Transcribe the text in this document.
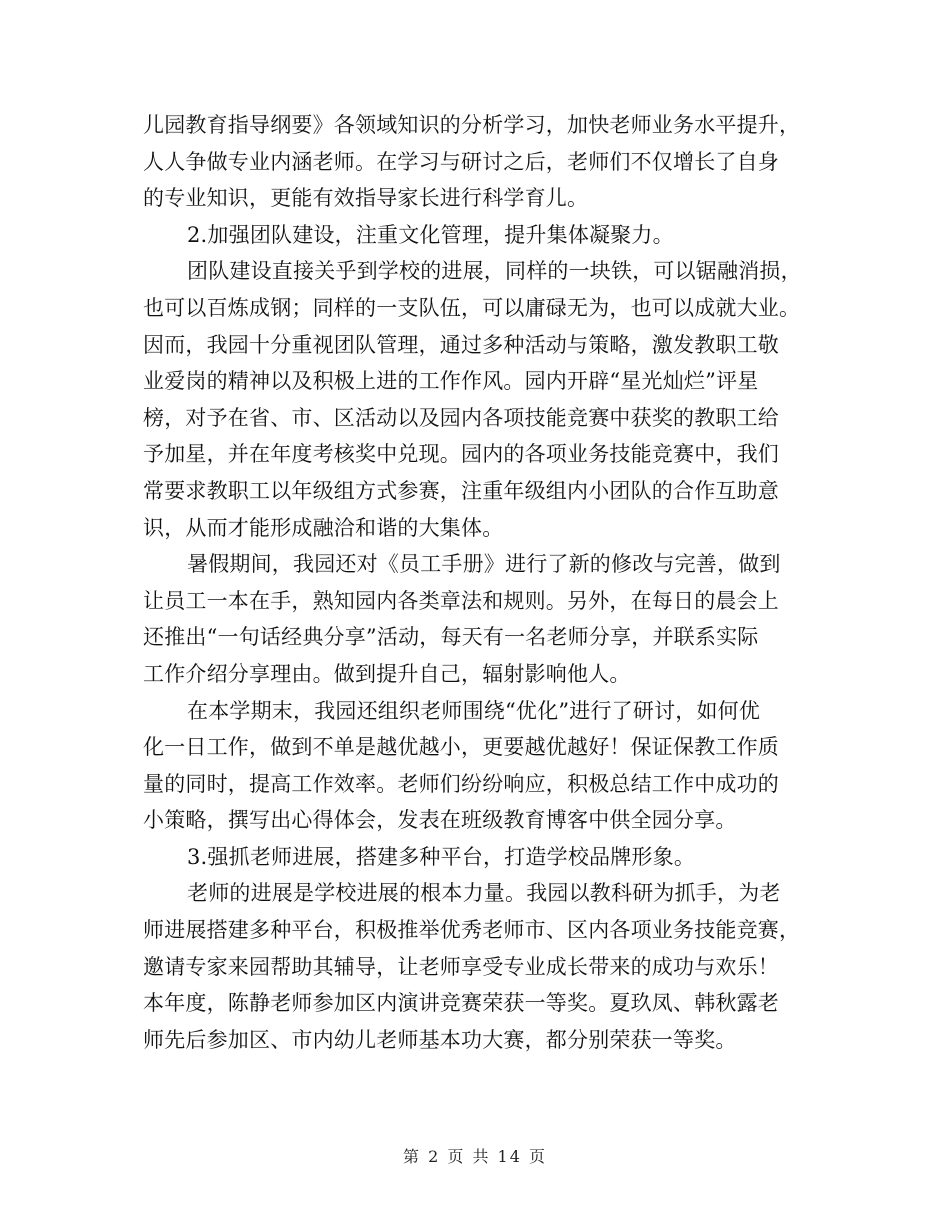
儿园教育指导纲要》各领域知识的分析学习，加快老师业务水平提升，
人人争做专业内涵老师。在学习与研讨之后，老师们不仅增长了自身
的专业知识，更能有效指导家长进行科学育儿。
2.加强团队建设，注重文化管理，提升集体凝聚力。
团队建设直接关乎到学校的进展，同样的一块铁，可以锯融消损，
也可以百炼成钢；同样的一支队伍，可以庸碌无为，也可以成就大业。
因而，我园十分重视团队管理，通过多种活动与策略，激发教职工敬
业爱岗的精神以及积极上进的工作作风。园内开辟“星光灿烂”评星
榜，对予在省、市、区活动以及园内各项技能竞赛中获奖的教职工给
予加星，并在年度考核奖中兑现。园内的各项业务技能竞赛中，我们
常要求教职工以年级组方式参赛，注重年级组内小团队的合作互助意
识，从而才能形成融洽和谐的大集体。
暑假期间，我园还对《员工手册》进行了新的修改与完善，做到
让员工一本在手，熟知园内各类章法和规则。另外，在每日的晨会上
还推出“一句话经典分享”活动，每天有一名老师分享，并联系实际
工作介绍分享理由。做到提升自己，辐射影响他人。
在本学期末，我园还组织老师围绕“优化”进行了研讨，如何优
化一日工作，做到不单是越优越小，更要越优越好！保证保教工作质
量的同时，提高工作效率。老师们纷纷响应，积极总结工作中成功的
小策略，撰写出心得体会，发表在班级教育博客中供全园分享。
3.强抓老师进展，搭建多种平台，打造学校品牌形象。
老师的进展是学校进展的根本力量。我园以教科研为抓手，为老
师进展搭建多种平台，积极推举优秀老师市、区内各项业务技能竞赛，
邀请专家来园帮助其辅导，让老师享受专业成长带来的成功与欢乐！
本年度，陈静老师参加区内演讲竞赛荣获一等奖。夏玖凤、韩秋露老
师先后参加区、市内幼儿老师基本功大赛，都分别荣获一等奖。
第 2 页 共 14 页
